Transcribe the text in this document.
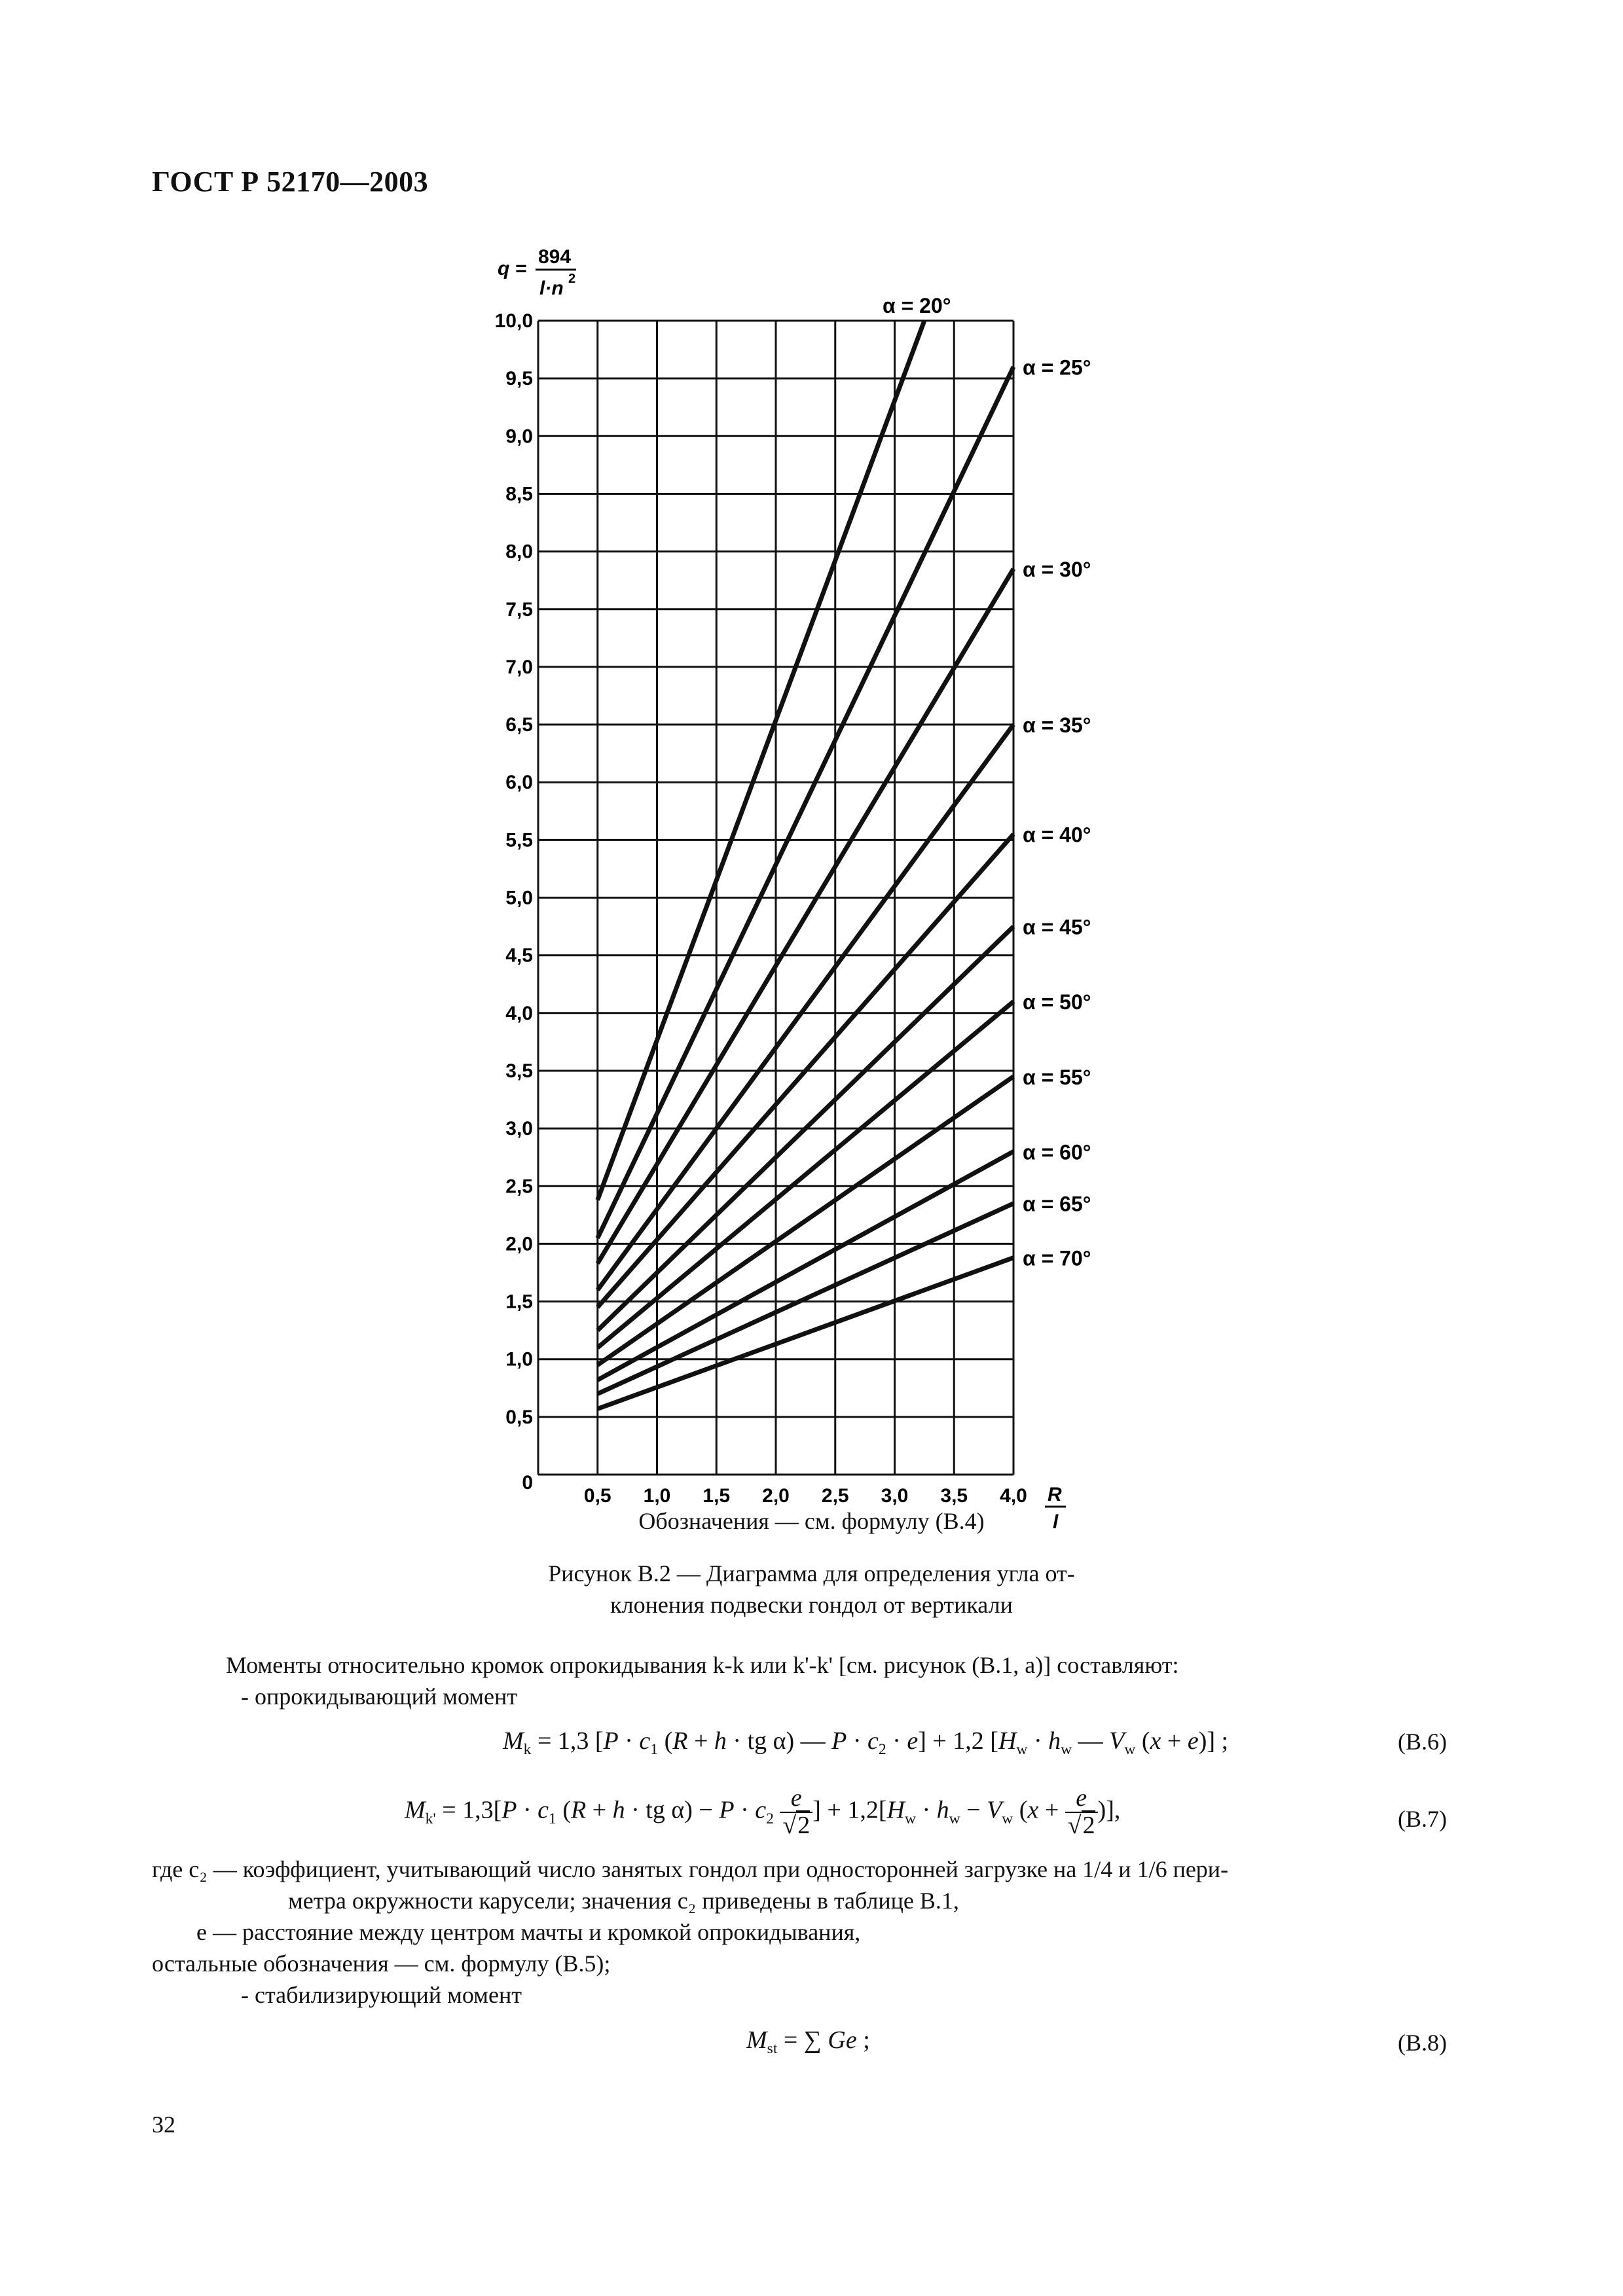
ГОСТ Р 52170—2003
q =
894
l·n 2
0
0,5
1,0
1,5
2,0
2,5
3,0
3,5
4,0
4,5
5,0
5,5
6,0
6,5
7,0
7,5
8,0
8,5
9,0
9,5
10,0
0,5 1,0 1,5 2,0 2,5 3,0 3,5 4,0
α = 20°
α = 25°
α = 30°
α = 35°
α = 40°
α = 45°
α = 50°
α = 55°
α = 60°
α = 65°
α = 70°
R
l
Обозначения — см. формулу (В.4)
Рисунок В.2 — Диаграмма для определения угла от-
клонения подвески гондол от вертикали
Моменты относительно кромок опрокидывания k-k или k'-k' [см. рисунок (В.1, а)] составляют:
- опрокидывающий момент
$M_k = 1,3$ [$P \cdot c_1$ (R + h · tg α) — $P \cdot c_2 \cdot e] + 1,2$ [$H_w \cdot h_w$ — $V_w$ (x + e)] ;	(В.6)
$M_{k'} = 1,3[P \cdot c_1$ (R + h · tg $\alpha) - P \cdot c_2 \frac{e}{√2}$ ] + $1,2[H_w \cdot h_w - V_w$ ($x + \frac{e}{√2}$ )],	(В.7)
где c₂ — коэффициент, учитывающий число занятых гондол при односторонней загрузке на 1/4 и 1/6 пери-
метра окружности карусели; значения c₂ приведены в таблице В.1,
e — расстояние между центром мачты и кромкой опрокидывания,
остальные обозначения — см. формулу (В.5);
- стабилизирующий момент
$M_{st}$ = ∑ Ge ;	(В.8)
32
